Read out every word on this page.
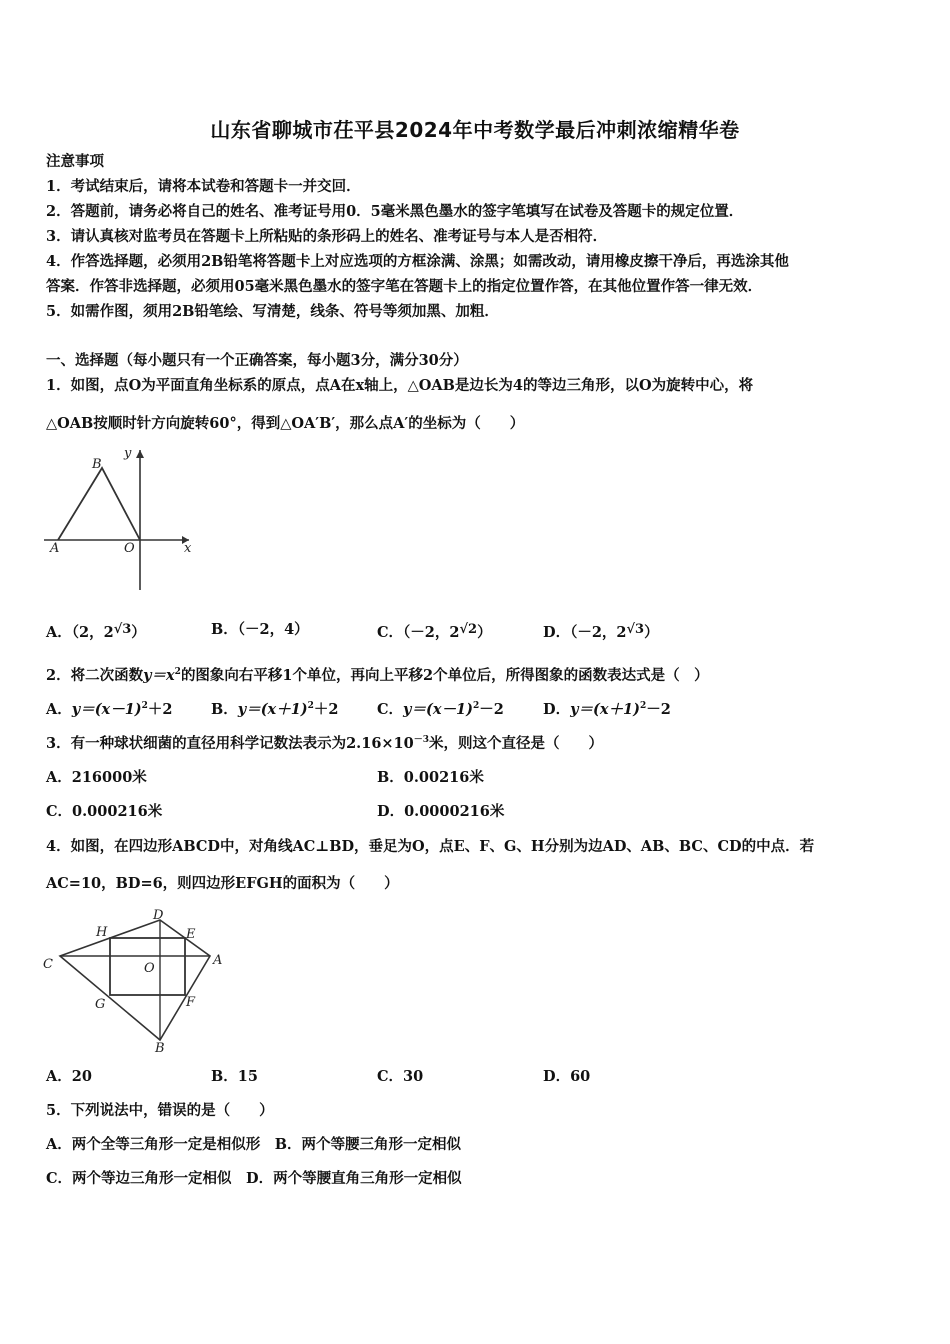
山东省聊城市茌平县2024年中考数学最后冲刺浓缩精华卷
注意事项
1．考试结束后，请将本试卷和答题卡一并交回．
2．答题前，请务必将自己的姓名、准考证号用0．5毫米黑色墨水的签字笔填写在试卷及答题卡的规定位置．
3．请认真核对监考员在答题卡上所粘贴的条形码上的姓名、准考证号与本人是否相符．
4．作答选择题，必须用2B铅笔将答题卡上对应选项的方框涂满、涂黑；如需改动，请用橡皮擦干净后，再选涂其他
答案．作答非选择题，必须用05毫米黑色墨水的签字笔在答题卡上的指定位置作答，在其他位置作答一律无效．
5．如需作图，须用2B铅笔绘、写清楚，线条、符号等须加黑、加粗．
一、选择题（每小题只有一个正确答案，每小题3分，满分30分）
1．如图，点O为平面直角坐标系的原点，点A在x轴上，△OAB是边长为4的等边三角形，以O为旋转中心，将
△OAB按顺时针方向旋转60°，得到△OA′B′，那么点A′的坐标为（　　）
B
y
A	O	x
A．（2，2√3）	B．（－2，4）	C．（－2，2√2）	D．（－2，2√3）
2．将二次函数$y=x^2$的图象向右平移1个单位，再向上平移2个单位后，所得图象的函数表达式是（　）
A．$y=(x-1)^2+2$	B．$y=(x+1)^2+2$	C．$y=(x-1)^2-2$	D．$y=(x+1)^2-2$
3．有一种球状细菌的直径用科学记数法表示为$2.16\times 10^{-3}$米，则这个直径是（　　）
A．216000米	B．0.00216米
C．0.000216米	D．0.0000216米
4．如图，在四边形ABCD中，对角线AC⊥BD，垂足为O，点E、F、G、H分别为边AD、AB、BC、CD的中点．若
AC=10，BD=6，则四边形EFGH的面积为（　　）
D
H	E
C	O
A
G	F
B
A．20	B．15	C．30	D．60
5．下列说法中，错误的是（　　）
A．两个全等三角形一定是相似形　B．两个等腰三角形一定相似
C．两个等边三角形一定相似　D．两个等腰直角三角形一定相似
